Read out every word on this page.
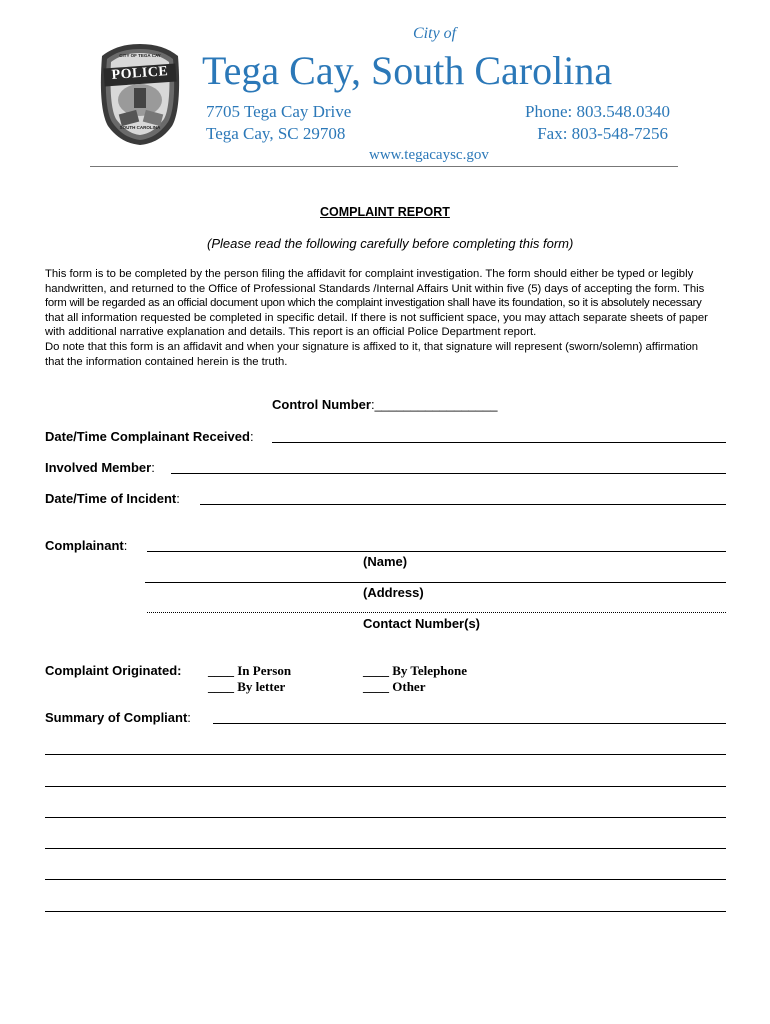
POLICE
CITY OF TEGA CAY
SOUTH CAROLINA
City of
Tega Cay, South Carolina
7705 Tega Cay Drive
Tega Cay, SC 29708
Phone: 803.548.0340
Fax: 803-548-7256
www.tegacaysc.gov
COMPLAINT REPORT
(Please read the following carefully before completing this form)
This form is to be completed by the person filing the affidavit for complaint investigation. The form should either be typed or legibly
handwritten, and returned to the Office of Professional Standards /Internal Affairs Unit within five (5) days of accepting the form. This
form will be regarded as an official document upon which the complaint investigation shall have its foundation, so it is absolutely necessary
that all information requested be completed in specific detail. If there is not sufficient space, you may attach separate sheets of paper
with additional narrative explanation and details. This report is an official Police Department report.
Do note that this form is an affidavit and when your signature is affixed to it, that signature will represent (sworn/solemn) affirmation
that the information contained herein is the truth.
Control Number:_________________
Date/Time Complainant Received:
Involved Member:
Date/Time of Incident:
Complainant:
(Name)
(Address)
Contact Number(s)
Complaint Originated: ____ In Person
____ By letter
____ By Telephone
____ Other
Summary of Compliant:
